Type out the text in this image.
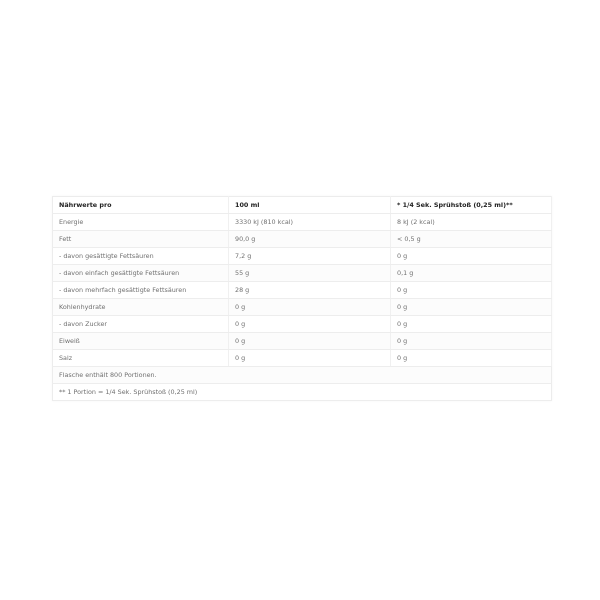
Nährwerte pro	100 ml	* 1/4 Sek. Sprühstoß (0,25 ml)**
Energie	3330 kJ (810 kcal)	8 kJ (2 kcal)
Fett	90,0 g	< 0,5 g
- davon gesättigte Fettsäuren	7,2 g	0 g
- davon einfach gesättigte Fettsäuren	55 g	0,1 g
- davon mehrfach gesättigte Fettsäuren	28 g	0 g
Kohlenhydrate	0 g	0 g
- davon Zucker	0 g	0 g
Eiweiß	0 g	0 g
Salz	0 g	0 g
Flasche enthält 800 Portionen.		
** 1 Portion = 1/4 Sek. Sprühstoß (0,25 ml)		
